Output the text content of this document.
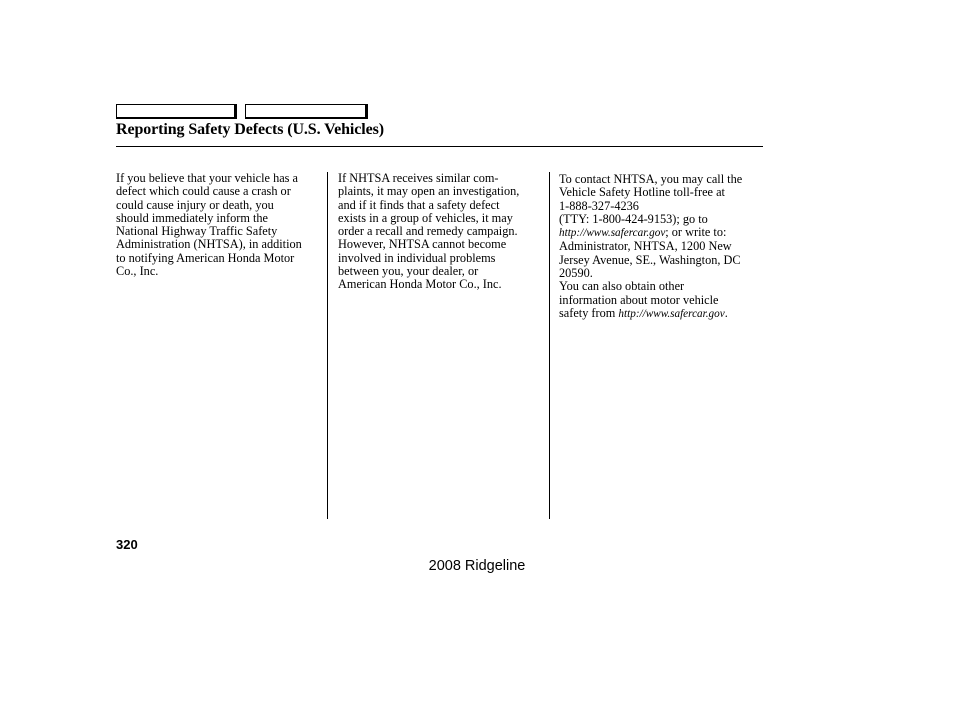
Reporting Safety Defects (U.S. Vehicles)
If you believe that your vehicle has a
defect which could cause a crash or
could cause injury or death, you
should immediately inform the
National Highway Traffic Safety
Administration (NHTSA), in addition
to notifying American Honda Motor
Co., Inc.
If NHTSA receives similar com-
plaints, it may open an investigation,
and if it finds that a safety defect
exists in a group of vehicles, it may
order a recall and remedy campaign.
However, NHTSA cannot become
involved in individual problems
between you, your dealer, or
American Honda Motor Co., Inc.
To contact NHTSA, you may call the
Vehicle Safety Hotline toll-free at
1-888-327-4236
(TTY: 1-800-424-9153); go to
http://www.safercar.gov; or write to:
Administrator, NHTSA, 1200 New
Jersey Avenue, SE., Washington, DC
20590.
You can also obtain other
information about motor vehicle
safety from http://www.safercar.gov.
320
2008 Ridgeline
